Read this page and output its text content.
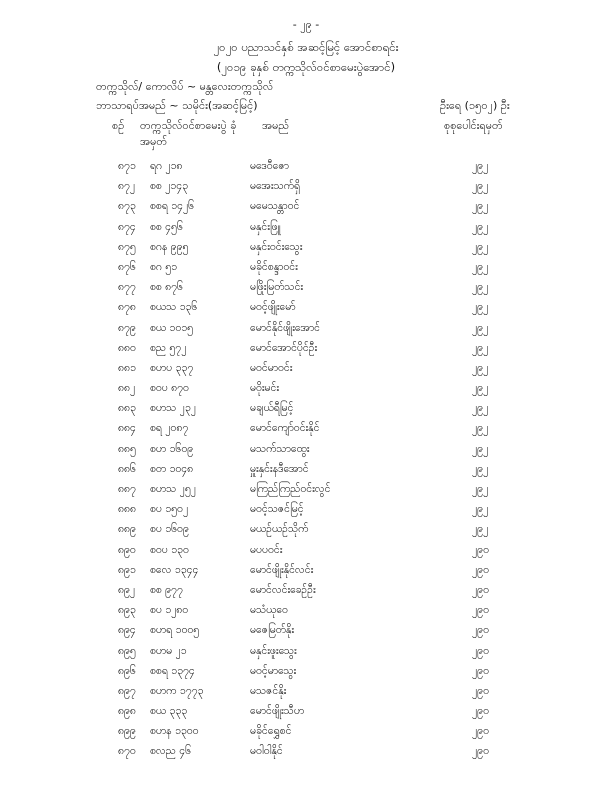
- ၂၉ -
၂၀၂၀ ပညာသင်နှစ် အဆင့်မြင့် အောင်စာရင်း
(၂၀၁၉ ခုနှစ် တက္ကသိုလ်ဝင်စာမေးပွဲအောင်)
တက္ကသိုလ်/ ကောလိပ် ~ မန္တလေးတက္ကသိုလ်
ဘာသာရပ်အမည် ~ သမိုင်း(အဆင့်မြင့်)	ဦးရေ (၁၅၀၂) ဦး
စဉ် တက္ကသိုလ်ဝင်စာမေးပွဲ ခုံအမှတ်
အမည်	စုစုပေါင်းရမှတ်
၈၇၁ ရဂ ၂၁၈	မဒေဝီဇော	၂၉၂
၈၇၂ စစ ၂၁၄၃	မအေးသက်ရှိ	၂၉၂
၈၇၃ စစရ ၁၄၂၆	မမေသန္တာဝင်	၂၉၂
၈၇၄ စစ ၄၅၆	မနှင်းဖြူ	၂၉၂
၈၇၅ စဂန ၉၉၅	မနှင်းဝင်းသွေး	၂၉၂
၈၇၆ စဂ ၅၁	မခိုင်စန္ဒာဝင်း	၂၉၂
၈၇၇ စစ ၈၇၆	မဖြိုးမြတ်သင်း	၂၉၂
၈၇၈ စယသ ၁၃၆	မဝင့်ဖျိုးမော်	၂၉၂
၈၇၉ စယ ၁၀၁၅	မောင်နိုင်ဖျိုးအောင်	၂၉၂
၈၈၀ စည ၅၇၂	မောင်အောင်ပိုင်ဦး	၂၉၂
၈၈၁ စဟပ ၃၃၇	မဝင်မာဝင်း	၂၉၂
၈၈၂ စဝပ ၈၇၀	မဝိုးမင်း	၂၉၂
၈၈၃ စဟသ ၂၃၂	မချယ်ရီမြင့်	၂၉၂
၈၈၄ စရ ၂၀၈၇	မောင်ကျော်ဝင်းနိုင်	၂၉၂
၈၈၅ စဟ ၁၆၀၉	မသက်သာထွေး	၂၉၂
၈၈၆ စတ ၁၀၄၈	မှူးနှင်းနဒီအောင်	၂၉၂
၈၈၇ စဟသ ၂၅၂	မကြည်ကြည်ဝင်းလွင်	၂၉၂
၈၈၈ စပ ၁၅၀၂	မဝင့်သဇင်မြင့်	၂၉၂
၈၈၉ စပ ၁၆၀၉	မယဉ်ယဉ်သိုက်	၂၉၂
၈၉၀ စဝပ ၁၃၀	မပပဝင်း	၂၉၀
၈၉၁ စလေ ၁၃၄၄	မောင်ဖျိုးနိုင်လင်း	၂၉၀
၈၉၂ စစ ၉၇၇	မောင်လင်းခေဉ်ဦး	၂၉၀
၈၉၃ စပ ၁၂၈၀	မသံယုဝေ	၂၉၀
၈၉၄ စဟရ ၁၀၀၅	မဇေမြတ်နိုး	၂၉၀
၈၉၅ စဟမ ၂၁	မနှင်းဖူးသွေး	၂၉၀
၈၉၆ စစရ ၁၃၇၄	မဝင့်မာသွေး	၂၉၀
၈၉၇ စဟက ၁၇၇၃	မသဇင်နိုး	၂၉၀
၈၉၈ စယ ၃၃၃	မောင်ဖျိုးသီဟ	၂၉၀
၈၉၉ စဟန ၁၃၀၀	မခိုင်ရွှေစင်	၂၉၀
၈၇၀ စလည ၄၆	မဝါဝါနိုင်	၂၉၀
